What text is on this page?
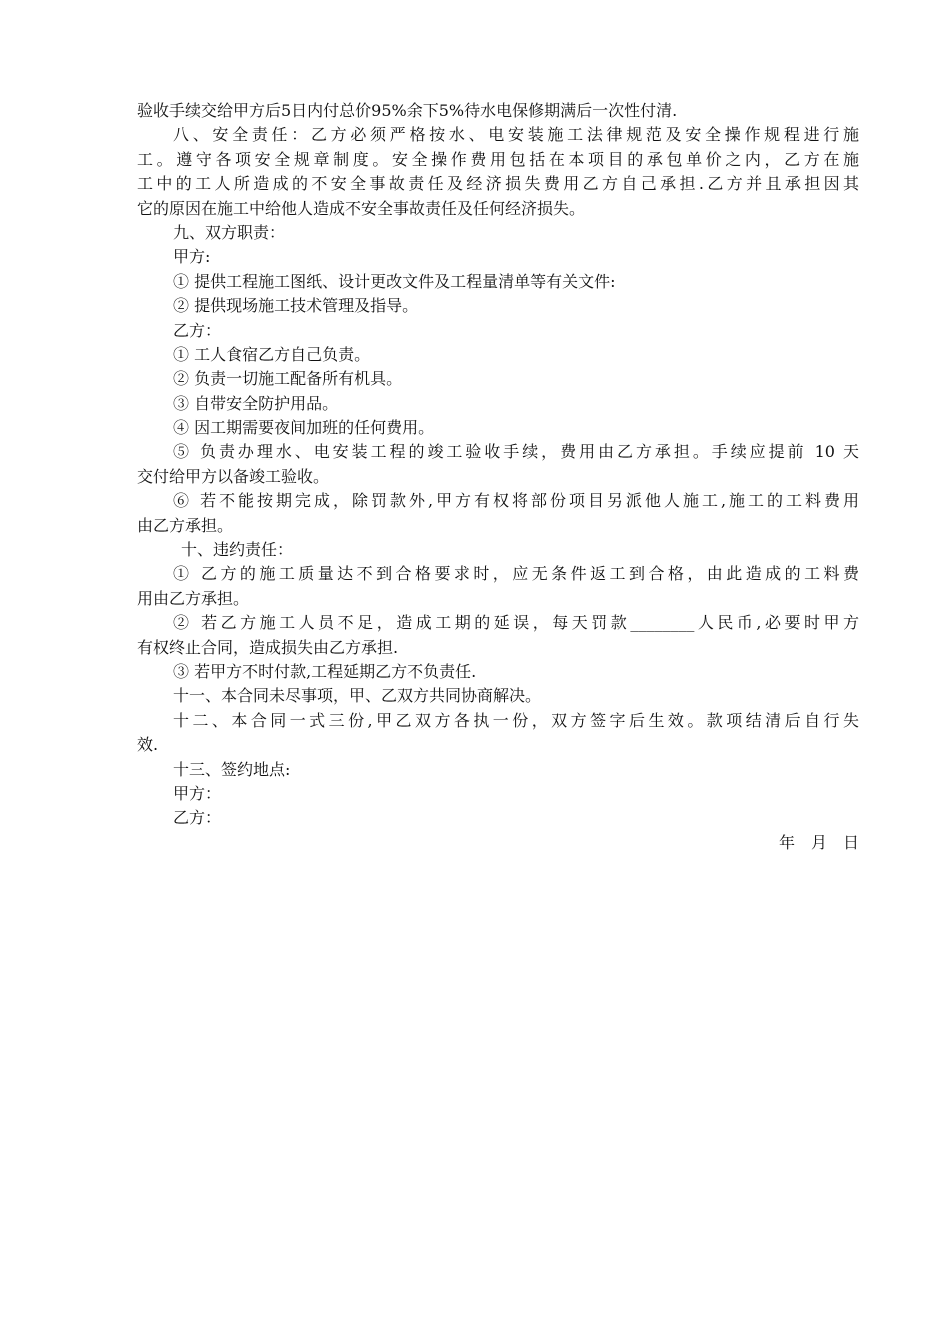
验收手续交给甲方后5日内付总价95%余下5%待水电保修期满后一次性付清.
八、安全责任：乙方必须严格按水、电安装施工法律规范及安全操作规程进行施
工。遵守各项安全规章制度。安全操作费用包括在本项目的承包单价之内，乙方在施
工中的工人所造成的不安全事故责任及经济损失费用乙方自己承担.乙方并且承担因其
它的原因在施工中给他人造成不安全事故责任及任何经济损失。
九、双方职责：
甲方:
① 提供工程施工图纸、设计更改文件及工程量清单等有关文件:
② 提供现场施工技术管理及指导。
乙方：
① 工人食宿乙方自己负责。
② 负责一切施工配备所有机具。
③ 自带安全防护用品。
④ 因工期需要夜间加班的任何费用。
⑤ 负责办理水、电安装工程的竣工验收手续，费用由乙方承担。手续应提前 10 天
交付给甲方以备竣工验收。
⑥ 若不能按期完成，除罚款外,甲方有权将部份项目另派他人施工,施工的工料费用
由乙方承担。
十、违约责任：
① 乙方的施工质量达不到合格要求时，应无条件返工到合格，由此造成的工料费
用由乙方承担。
② 若乙方施工人员不足，造成工期的延误，每天罚款________人民币,必要时甲方
有权终止合同，造成损失由乙方承担.
③ 若甲方不时付款,工程延期乙方不负责任.
十一、本合同未尽事项，甲、乙双方共同协商解决。
十二、本合同一式三份,甲乙双方各执一份，双方签字后生效。款项结清后自行失
效.
十三、签约地点:
甲方：
乙方：
年　月　日
